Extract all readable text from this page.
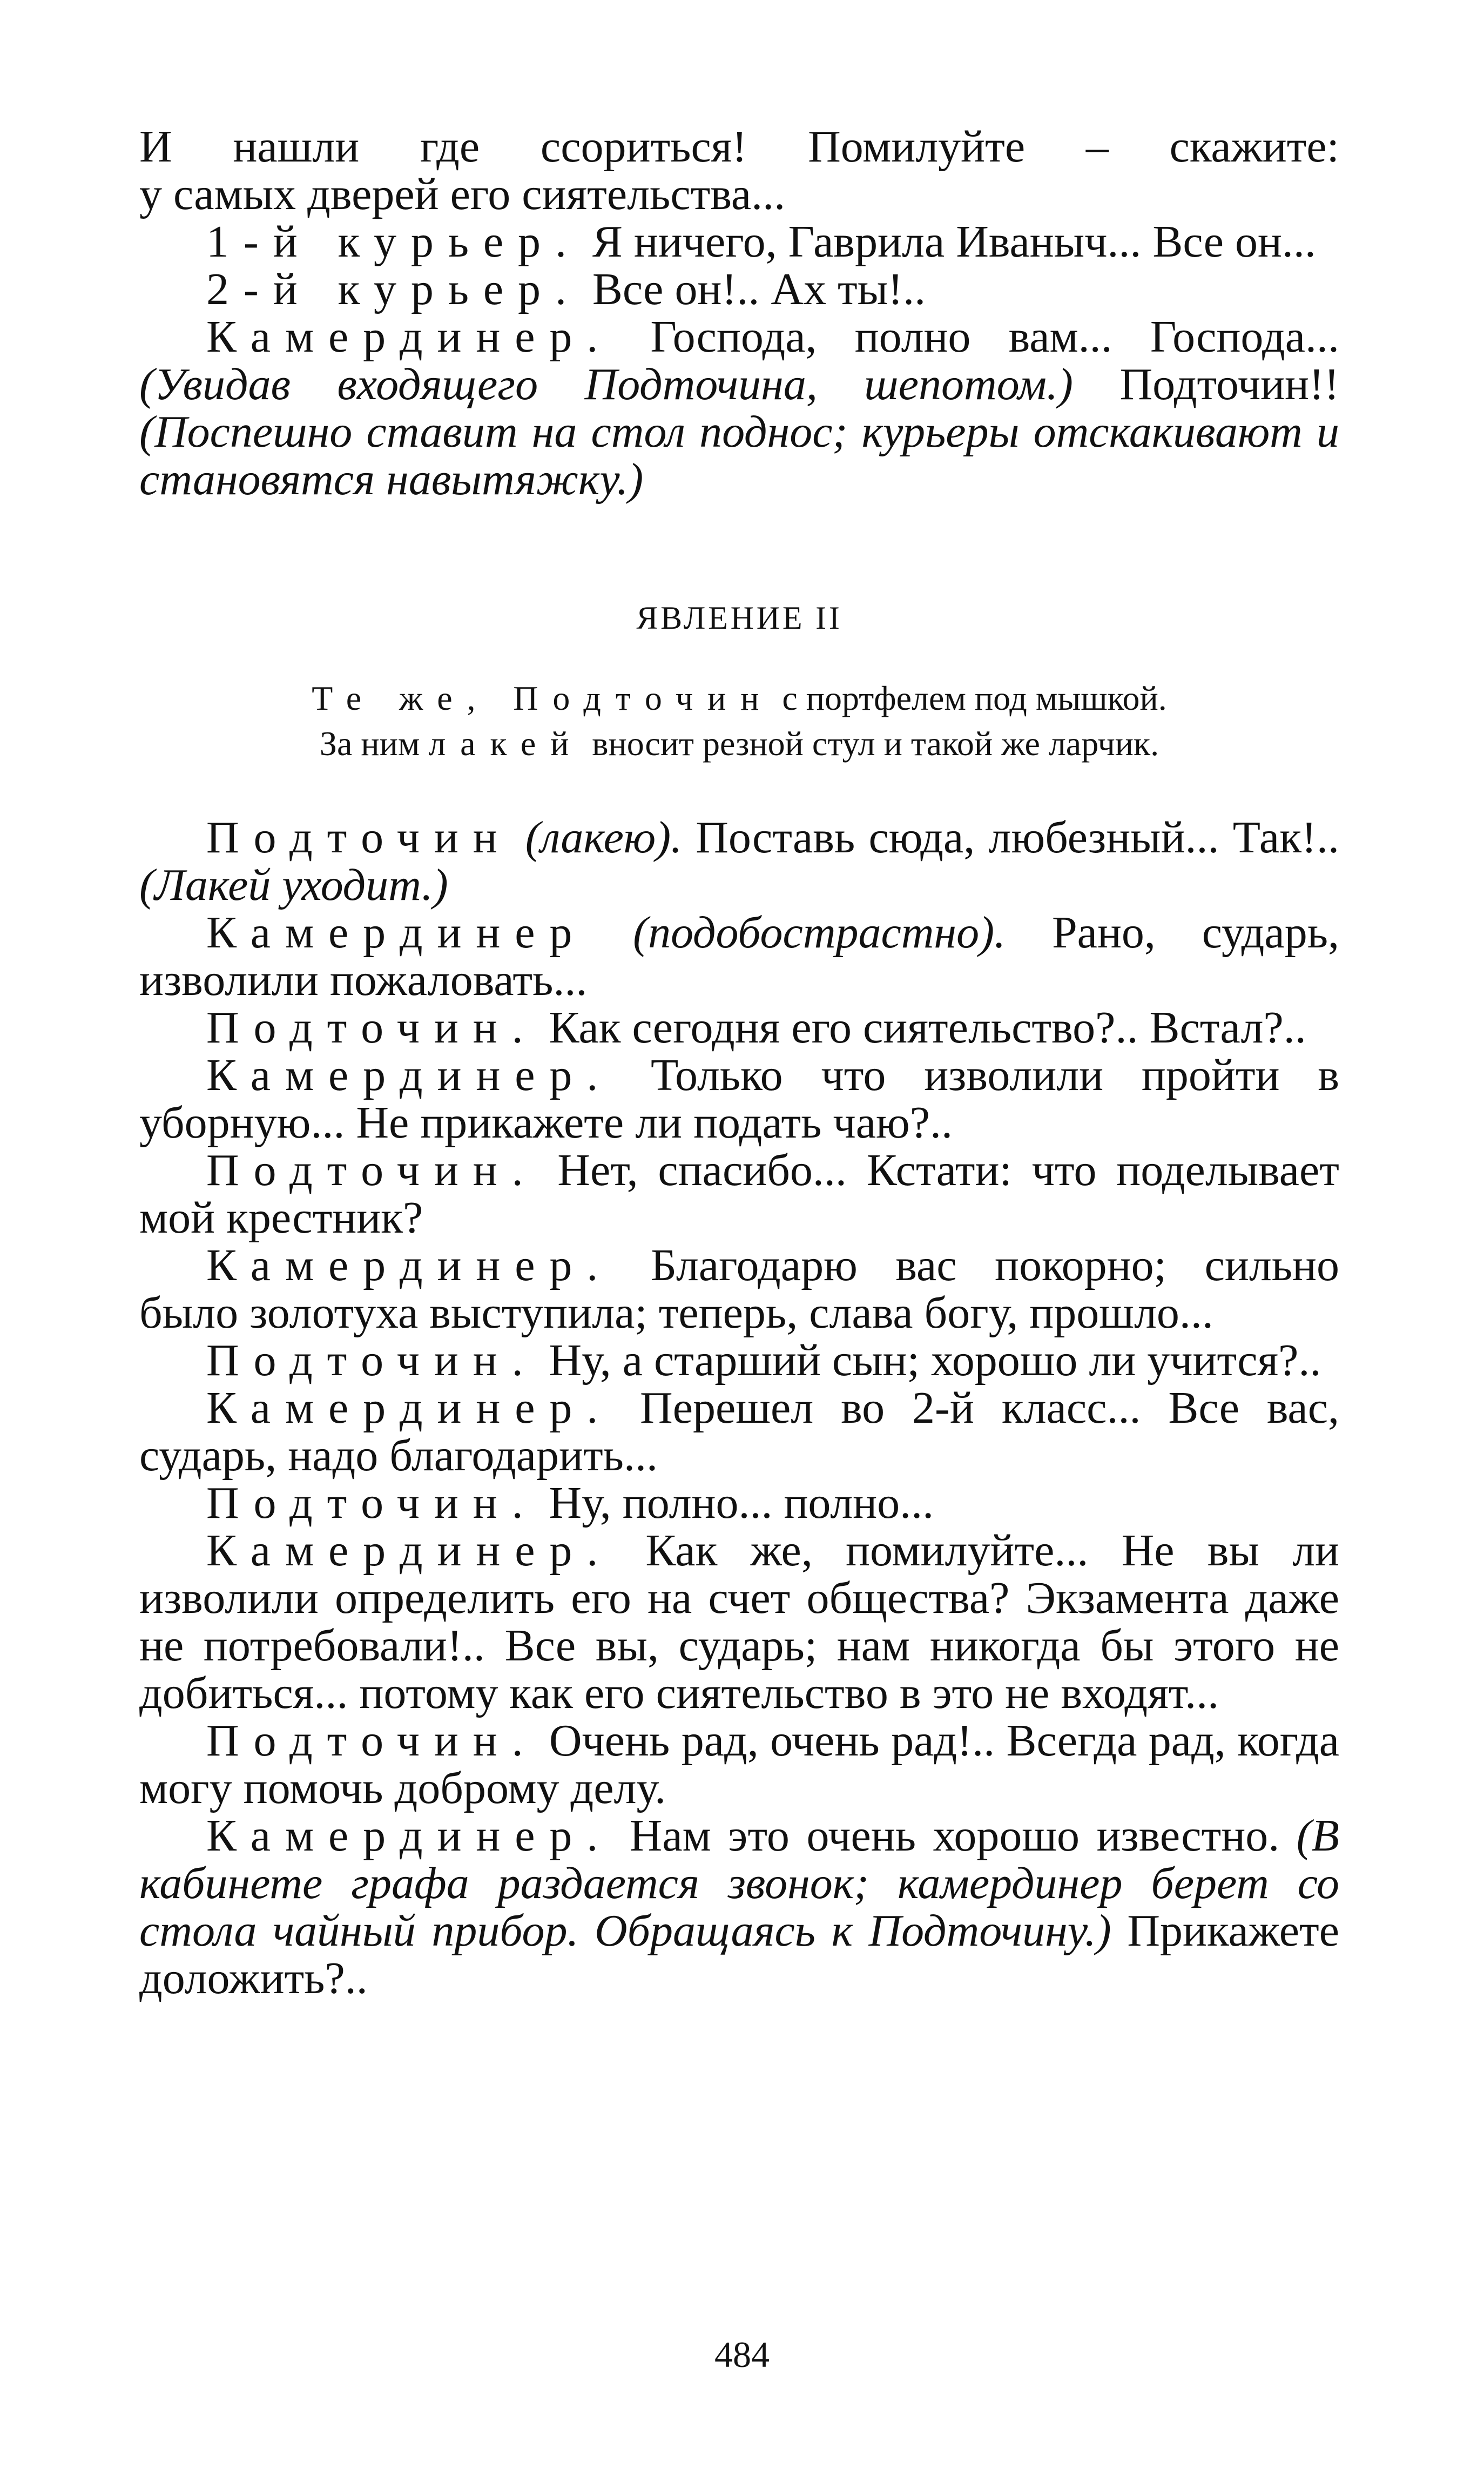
И нашли где ссориться! Помилуйте – скажите:
у самых дверей его сиятельства...

1-й курьер. Я ничего, Гаврила Иваныч... Все он...

2-й курьер. Все он!.. Ах ты!..

Камердинер. Господа, полно вам... Господа... (Увидав входящего Подточина, шепотом.) Подточин!! (Поспешно ставит на стол поднос; курьеры отскакивают и становятся навытяжку.)

ЯВЛЕНИЕ II

Те же, Подточин с портфелем под мышкой.
За ним лакей вносит резной стул и такой же ларчик.

Подточин (лакею). Поставь сюда, любезный... Так!.. (Лакей уходит.)

Камердинер (подобострастно). Рано, сударь, изволили пожаловать...

Подточин. Как сегодня его сиятельство?.. Встал?..

Камердинер. Только что изволили пройти в уборную... Не прикажете ли подать чаю?..

Подточин. Нет, спасибо... Кстати: что поделывает мой крестник?

Камердинер. Благодарю вас покорно; сильно было золотуха выступила; теперь, слава богу, прошло...

Подточин. Ну, а старший сын; хорошо ли учится?..

Камердинер. Перешел во 2-й класс... Все вас, сударь, надо благодарить...

Подточин. Ну, полно... полно...

Камердинер. Как же, помилуйте... Не вы ли изволили определить его на счет общества? Экзамента даже не потребовали!.. Все вы, сударь; нам никогда бы этого не добиться... потому как его сиятельство в это не входят...

Подточин. Очень рад, очень рад!.. Всегда рад, когда могу помочь доброму делу.

Камердинер. Нам это очень хорошо известно. (В кабинете графа раздается звонок; камердинер берет со стола чайный прибор. Обращаясь к Подточину.) Прикажете доложить?..

484
